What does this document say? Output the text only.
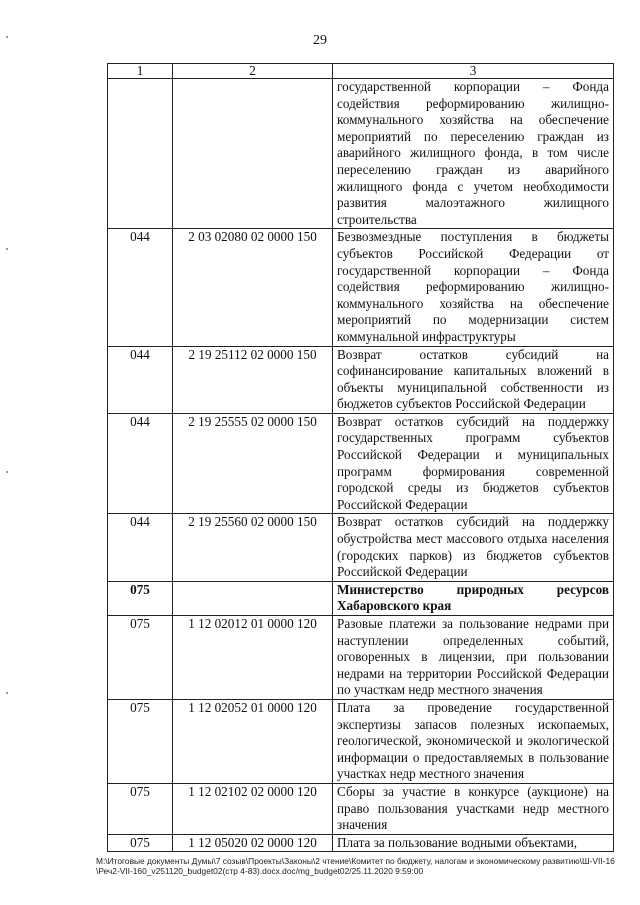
29
1	2	3
		государственной корпорации – Фонда содействия реформированию жилищно-коммунального хозяйства на обеспечение мероприятий по переселению граждан из аварийного жилищного фонда, в том числе переселению граждан из аварийного жилищного фонда с учетом необходимости развития малоэтажного жилищного строительства
044	2 03 02080 02 0000 150	Безвозмездные поступления в бюджеты субъектов Российской Федерации от государственной корпорации – Фонда содействия реформированию жилищно-коммунального хозяйства на обеспечение мероприятий по модернизации систем коммунальной инфраструктуры
044	2 19 25112 02 0000 150	Возврат остатков субсидий на софинансирование капитальных вложений в объекты муниципальной собственности из бюджетов субъектов Российской Федерации
044	2 19 25555 02 0000 150	Возврат остатков субсидий на поддержку государственных программ субъектов Российской Федерации и муниципальных программ формирования современной городской среды из бюджетов субъектов Российской Федерации
044	2 19 25560 02 0000 150	Возврат остатков субсидий на поддержку обустройства мест массового отдыха населения (городских парков) из бюджетов субъектов Российской Федерации
075		Министерство природных ресурсов Хабаровского края
075	1 12 02012 01 0000 120	Разовые платежи за пользование недрами при наступлении определенных событий, оговоренных в лицензии, при пользовании недрами на территории Российской Федерации по участкам недр местного значения
075	1 12 02052 01 0000 120	Плата за проведение государственной экспертизы запасов полезных ископаемых, геологической, экономической и экологической информации о предоставляемых в пользование участках недр местного значения
075	1 12 02102 02 0000 120	Сборы за участие в конкурсе (аукционе) на право пользования участками недр местного значения
075	1 12 05020 02 0000 120	Плата за пользование водными объектами,
M:\Итоговые документы Думы\7 созыв\Проекты\Законы\2 чтение\Комитет по бюджету, налогам и экономическому развитию\Ш-VII-16\Реч2-VII-160_v251120_budget02(стр 4-83).docx.doc/mg_budget02/25.11.2020 9:59:00
